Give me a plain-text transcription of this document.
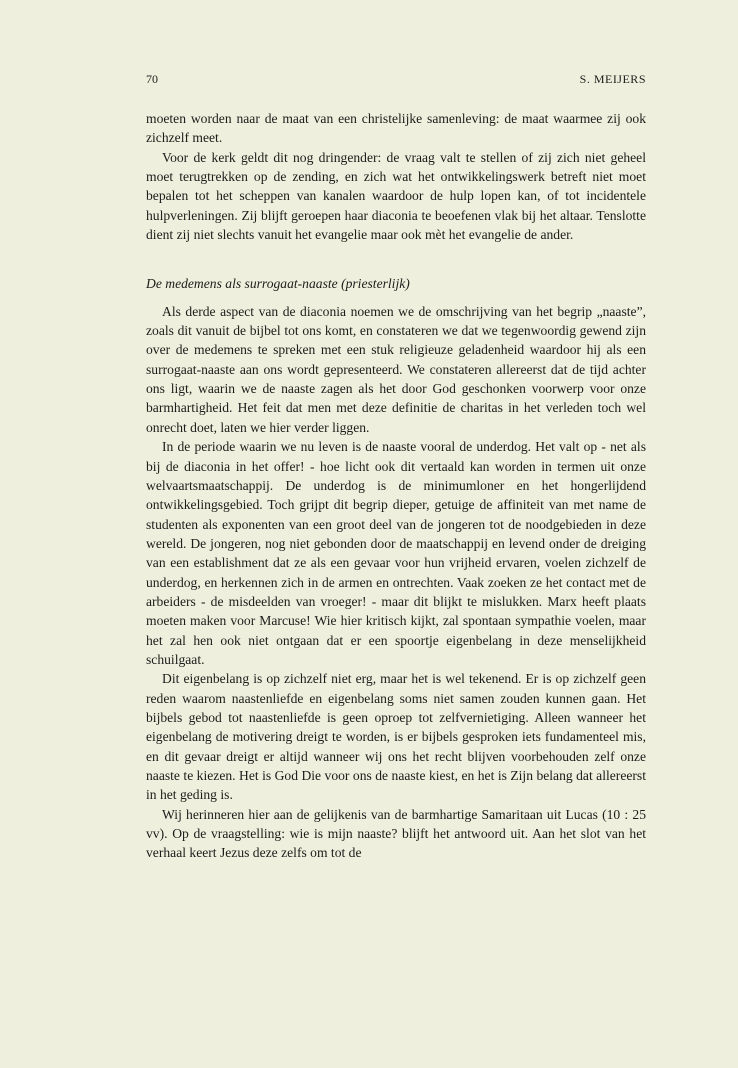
70	S. MEIJERS

moeten worden naar de maat van een christelijke samenleving: de maat waarmee zij ook zichzelf meet.

Voor de kerk geldt dit nog dringender: de vraag valt te stellen of zij zich niet geheel moet terugtrekken op de zending, en zich wat het ontwikkelingswerk betreft niet moet bepalen tot het scheppen van kanalen waardoor de hulp lopen kan, of tot incidentele hulpverleningen. Zij blijft geroepen haar diaconia te beoefenen vlak bij het altaar. Tenslotte dient zij niet slechts vanuit het evangelie maar ook mèt het evangelie de ander.

De medemens als surrogaat-naaste (priesterlijk)

Als derde aspect van de diaconia noemen we de omschrijving van het begrip „naaste”, zoals dit vanuit de bijbel tot ons komt, en constateren we dat we tegenwoordig gewend zijn over de medemens te spreken met een stuk religieuze geladenheid waardoor hij als een surrogaat-naaste aan ons wordt gepresenteerd. We constateren allereerst dat de tijd achter ons ligt, waarin we de naaste zagen als het door God geschonken voorwerp voor onze barmhartigheid. Het feit dat men met deze definitie de charitas in het verleden toch wel onrecht doet, laten we hier verder liggen.

In de periode waarin we nu leven is de naaste vooral de underdog. Het valt op - net als bij de diaconia in het offer! - hoe licht ook dit vertaald kan worden in termen uit onze welvaartsmaatschappij. De underdog is de minimumloner en het hongerlijdend ontwikkelingsgebied. Toch grijpt dit begrip dieper, getuige de affiniteit van met name de studenten als exponenten van een groot deel van de jongeren tot de noodgebieden in deze wereld. De jongeren, nog niet gebonden door de maatschappij en levend onder de dreiging van een establishment dat ze als een gevaar voor hun vrijheid ervaren, voelen zichzelf de underdog, en herkennen zich in de armen en ontrechten. Vaak zoeken ze het contact met de arbeiders - de misdeelden van vroeger! - maar dit blijkt te mislukken. Marx heeft plaats moeten maken voor Marcuse! Wie hier kritisch kijkt, zal spontaan sympathie voelen, maar het zal hen ook niet ontgaan dat er een spoortje eigenbelang in deze menselijkheid schuilgaat.

Dit eigenbelang is op zichzelf niet erg, maar het is wel tekenend. Er is op zichzelf geen reden waarom naastenliefde en eigenbelang soms niet samen zouden kunnen gaan. Het bijbels gebod tot naastenliefde is geen oproep tot zelfvernietiging. Alleen wanneer het eigenbelang de motivering dreigt te worden, is er bijbels gesproken iets fundamenteel mis, en dit gevaar dreigt er altijd wanneer wij ons het recht blijven voorbehouden zelf onze naaste te kiezen. Het is God Die voor ons de naaste kiest, en het is Zijn belang dat allereerst in het geding is.

Wij herinneren hier aan de gelijkenis van de barmhartige Samaritaan uit Lucas (10 : 25 vv). Op de vraagstelling: wie is mijn naaste? blijft het antwoord uit. Aan het slot van het verhaal keert Jezus deze zelfs om tot de
